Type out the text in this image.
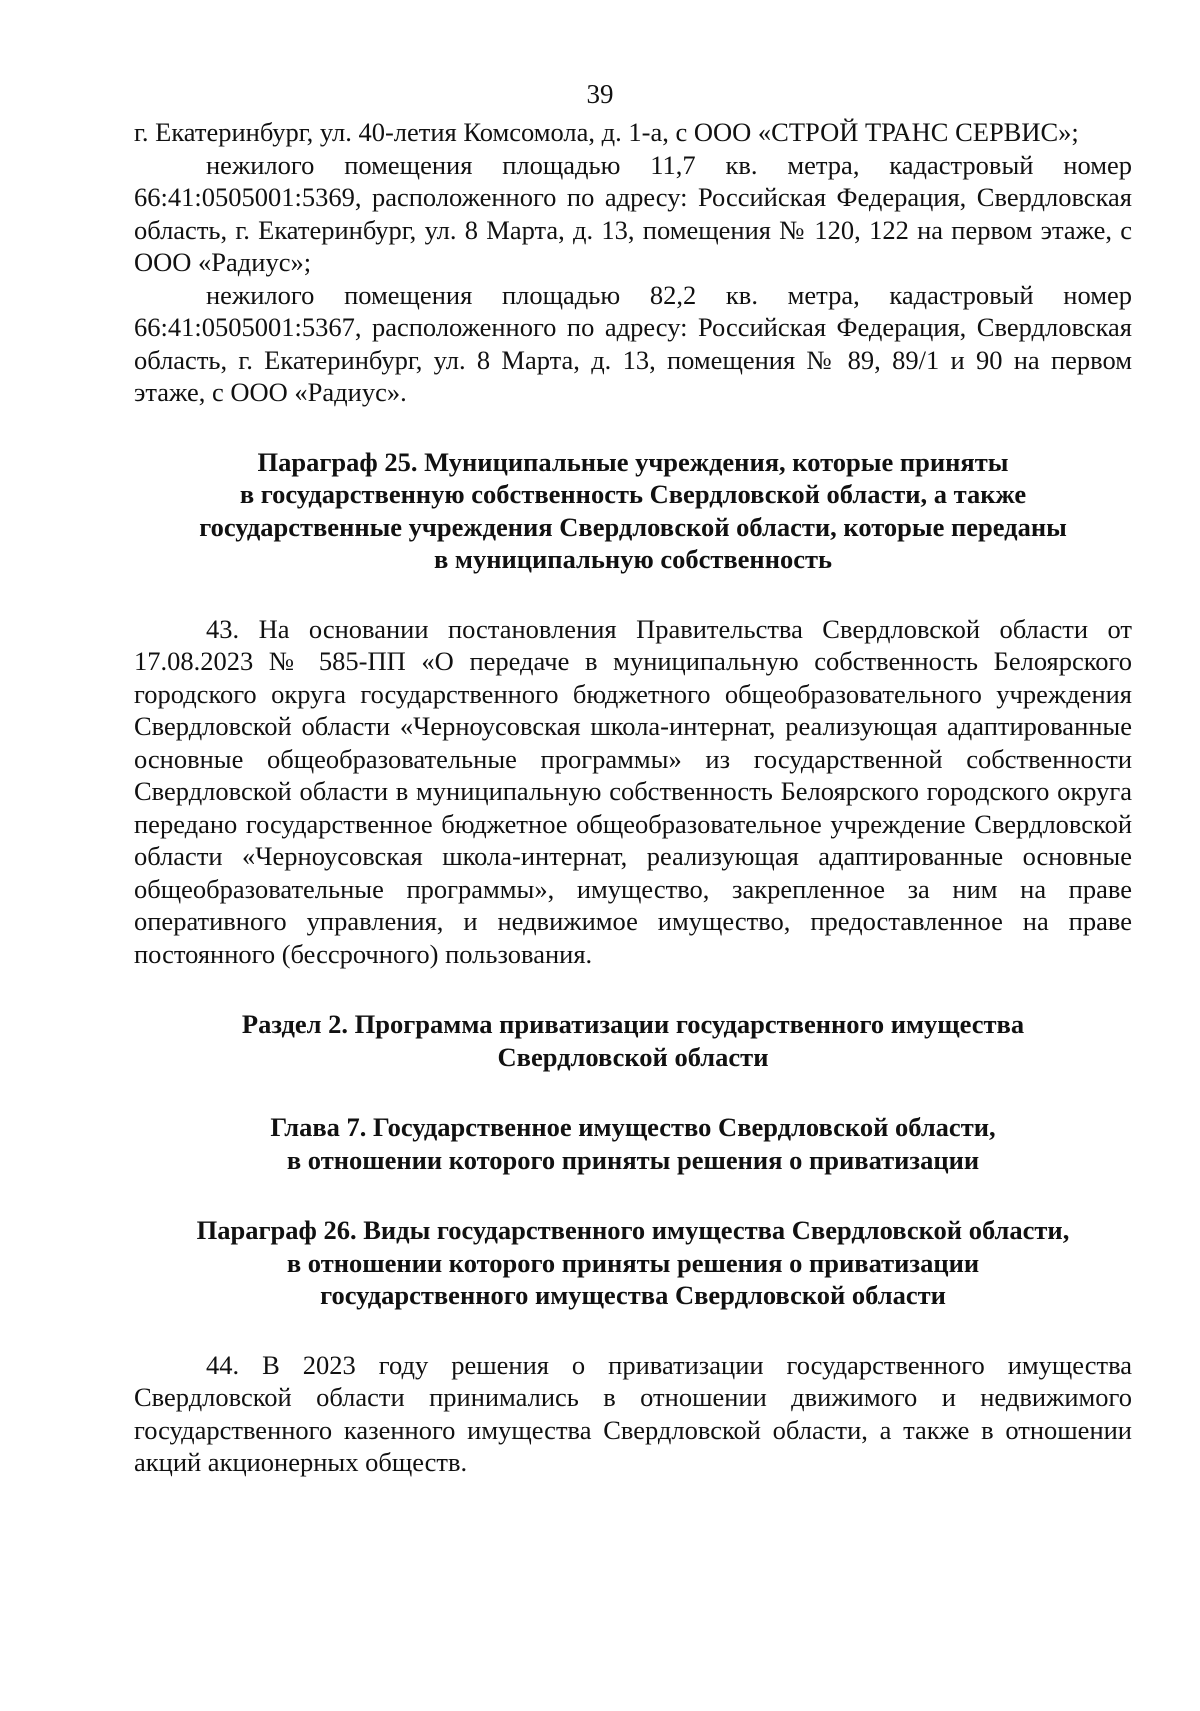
39

г. Екатеринбург, ул. 40-летия Комсомола, д. 1-а, с ООО «СТРОЙ ТРАНС СЕРВИС»;

нежилого помещения площадью 11,7 кв. метра, кадастровый номер 66:41:0505001:5369, расположенного по адресу: Российская Федерация, Свердловская область, г. Екатеринбург, ул. 8 Марта, д. 13, помещения № 120, 122 на первом этаже, с ООО «Радиус»;

нежилого помещения площадью 82,2 кв. метра, кадастровый номер 66:41:0505001:5367, расположенного по адресу: Российская Федерация, Свердловская область, г. Екатеринбург, ул. 8 Марта, д. 13, помещения № 89, 89/1 и 90 на первом этаже, с ООО «Радиус».

Параграф 25. Муниципальные учреждения, которые приняты
в государственную собственность Свердловской области, а также
государственные учреждения Свердловской области, которые переданы
в муниципальную собственность

43. На основании постановления Правительства Свердловской области от 17.08.2023 № 585-ПП «О передаче в муниципальную собственность Белоярского городского округа государственного бюджетного общеобразовательного учреждения Свердловской области «Черноусовская школа-интернат, реализующая адаптированные основные общеобразовательные программы» из государственной собственности Свердловской области в муниципальную собственность Белоярского городского округа передано государственное бюджетное общеобразовательное учреждение Свердловской области «Черноусовская школа-интернат, реализующая адаптированные основные общеобразовательные программы», имущество, закрепленное за ним на праве оперативного управления, и недвижимое имущество, предоставленное на праве постоянного (бессрочного) пользования.

Раздел 2. Программа приватизации государственного имущества
Свердловской области
Глава 7. Государственное имущество Свердловской области,
в отношении которого приняты решения о приватизации
Параграф 26. Виды государственного имущества Свердловской области,
в отношении которого приняты решения о приватизации
государственного имущества Свердловской области

44. В 2023 году решения о приватизации государственного имущества Свердловской области принимались в отношении движимого и недвижимого государственного казенного имущества Свердловской области, а также в отношении акций акционерных обществ.
